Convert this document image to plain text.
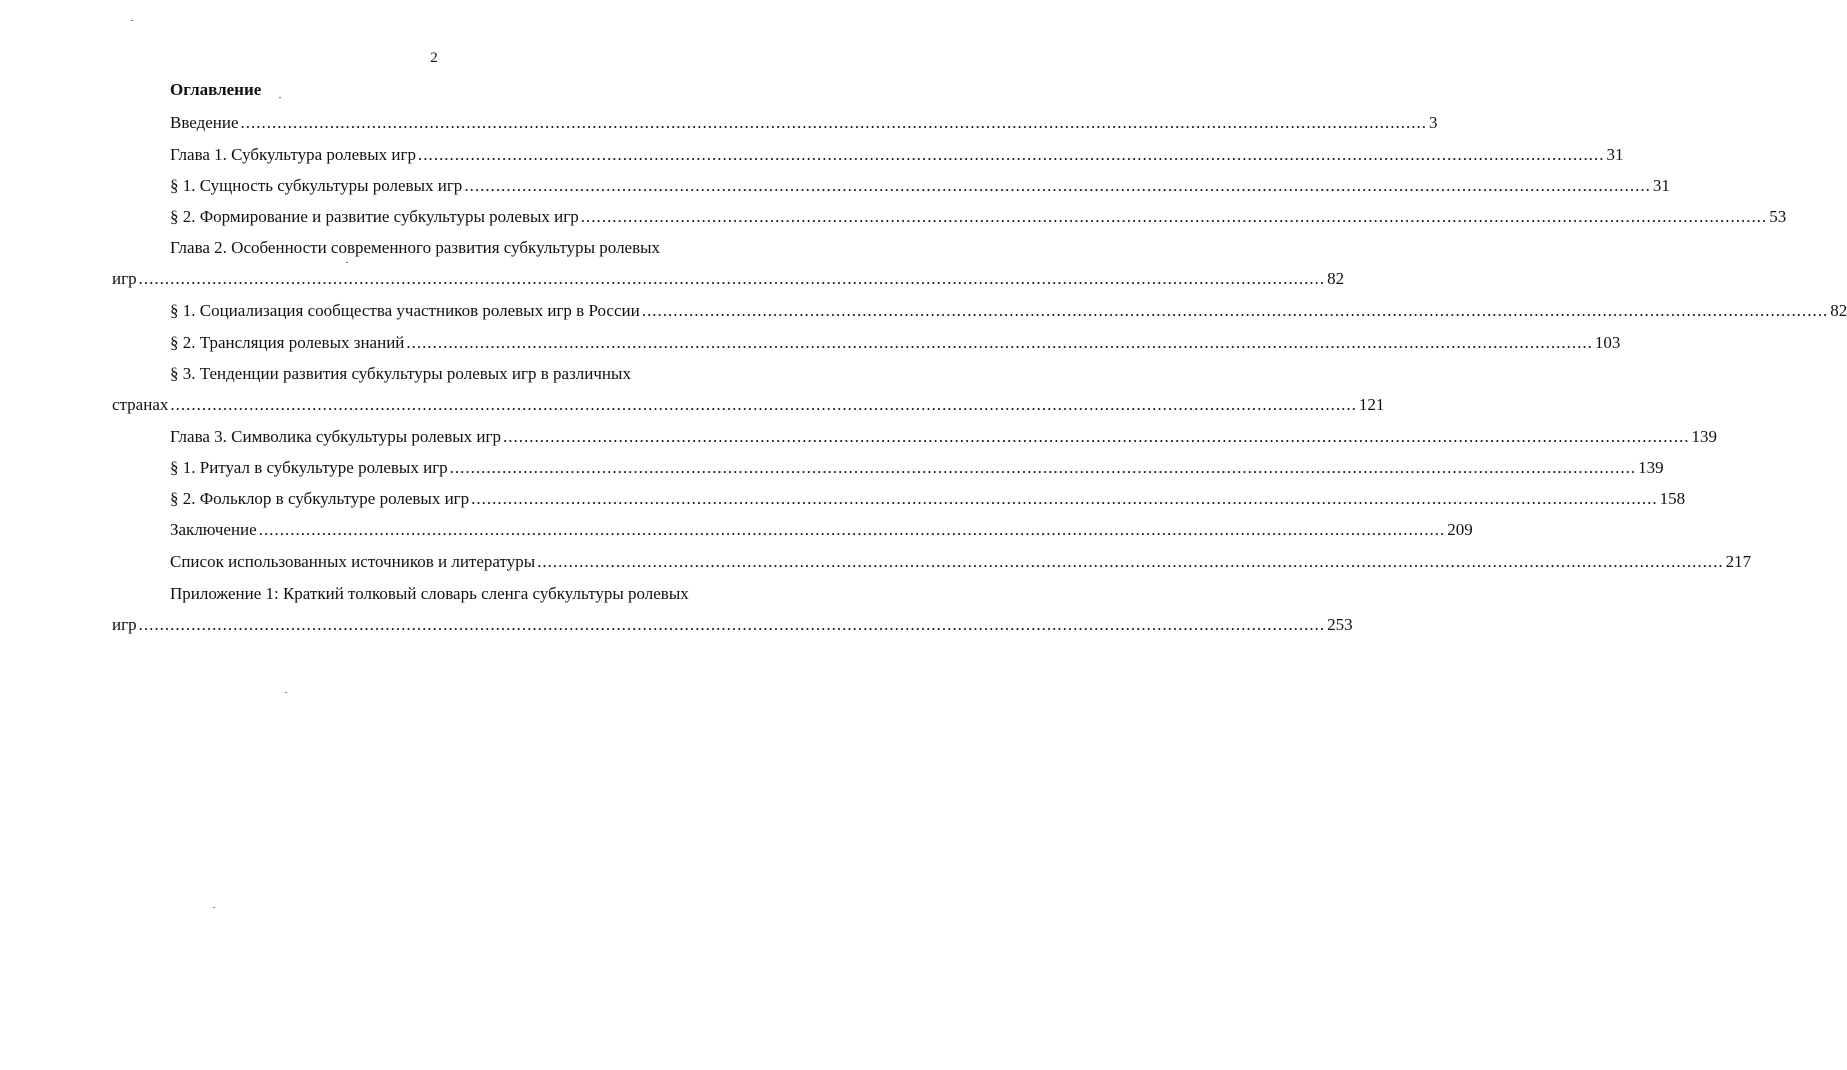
2
Оглавление
Введение .................................................................................................................................................................................................................................. 3
Глава 1. Субкультура ролевых игр .................................................................................................................................................................................................................................. 31
§ 1. Сущность субкультуры ролевых игр .................................................................................................................................................................................................................................. 31
§ 2. Формирование и развитие субкультуры ролевых игр .................................................................................................................................................................................................................................. 53
Глава 2. Особенности современного развития субкультуры ролевых
игр .................................................................................................................................................................................................................................. 82
§ 1. Социализация сообщества участников ролевых игр в России .................................................................................................................................................................................................................................. 82
§ 2. Трансляция ролевых знаний .................................................................................................................................................................................................................................. 103
§ 3. Тенденции развития субкультуры ролевых игр в различных
странах .................................................................................................................................................................................................................................. 121
Глава 3. Символика субкультуры ролевых игр .................................................................................................................................................................................................................................. 139
§ 1. Ритуал в субкультуре ролевых игр .................................................................................................................................................................................................................................. 139
§ 2. Фольклор в субкультуре ролевых игр .................................................................................................................................................................................................................................. 158
Заключение .................................................................................................................................................................................................................................. 209
Список использованных источников и литературы .................................................................................................................................................................................................................................. 217
Приложение 1: Краткий толковый словарь сленга субкультуры ролевых
игр .................................................................................................................................................................................................................................. 253
